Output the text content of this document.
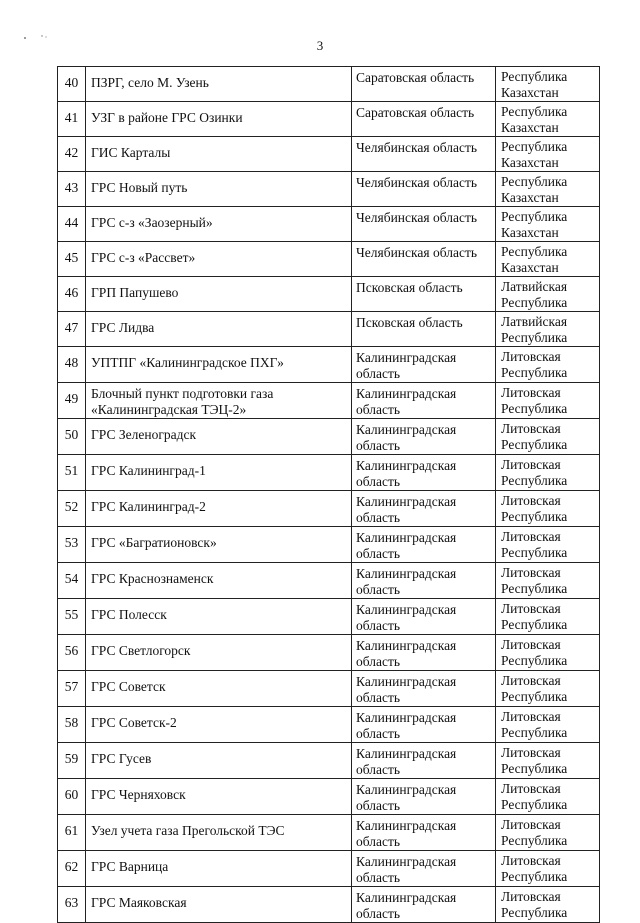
3
40	ПЗРГ, село М. Узень	Саратовская область	Республика
Казахстан

41	УЗГ в районе ГРС Озинки	Саратовская область	Республика
Казахстан

42	ГИС Карталы	Челябинская область	Республика
Казахстан

43	ГРС Новый путь	Челябинская область	Республика
Казахстан

44	ГРС с-з «Заозерный»	Челябинская область	Республика
Казахстан

45	ГРС с-з «Рассвет»	Челябинская область	Республика
Казахстан

46	ГРП Папушево	Псковская область	Латвийская
Республика

47	ГРС Лидва	Псковская область	Латвийская
Республика

48	УПТПГ «Калининградское ПХГ»	Калининградская
область	Литовская
Республика

49	Блочный пункт подготовки газа
«Калининградская ТЭЦ-2»	Калининградская
область	Литовская
Республика

50	ГРС Зеленоградск	Калининградская
область	Литовская
Республика

51	ГРС Калининград-1	Калининградская
область	Литовская
Республика

52	ГРС Калининград-2	Калининградская
область	Литовская
Республика

53	ГРС «Багратионовск»	Калининградская
область	Литовская
Республика

54	ГРС Краснознаменск	Калининградская
область	Литовская
Республика

55	ГРС Полесск	Калининградская
область	Литовская
Республика

56	ГРС Светлогорск	Калининградская
область	Литовская
Республика

57	ГРС Советск	Калининградская
область	Литовская
Республика

58	ГРС Советск-2	Калининградская
область	Литовская
Республика

59	ГРС Гусев	Калининградская
область	Литовская
Республика

60	ГРС Черняховск	Калининградская
область	Литовская
Республика

61	Узел учета газа Прегольской ТЭС	Калининградская
область	Литовская
Республика

62	ГРС Варница	Калининградская
область	Литовская
Республика

63	ГРС Маяковская	Калининградская
область	Литовская
Республика
